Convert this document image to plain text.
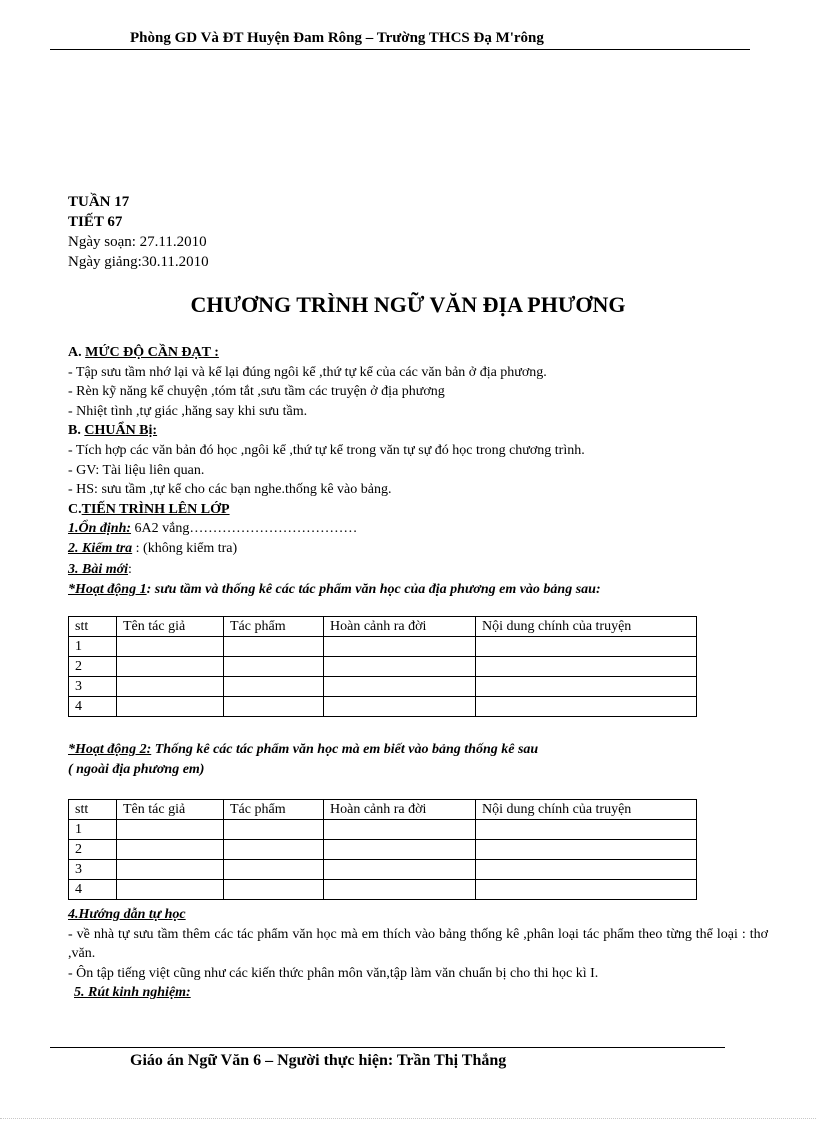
Phòng GD Và ĐT Huyện Đam Rông – Trường THCS Đạ M'rông
TUẦN 17
TIẾT 67
Ngày soạn: 27.11.2010
Ngày giảng:30.11.2010
CHƯƠNG TRÌNH NGỮ VĂN ĐỊA PHƯƠNG
A. MỨC ĐỘ CẦN ĐẠT :
- Tập sưu tầm nhớ lại và kể lại đúng ngôi kể ,thứ tự kể của các văn bản ở địa phương.
- Rèn kỹ năng kể chuyện ,tóm tắt ,sưu tầm các truyện ở địa phương
- Nhiệt tình ,tự giác ,hăng say khi sưu tầm.
B. CHUẨN Bị:
- Tích hợp các văn bản đó học ,ngôi kể ,thứ tự kể trong văn tự sự đó học trong chương trình.
- GV: Tài liệu liên quan.
- HS: sưu tầm ,tự kể cho các bạn nghe.thống kê vào bảng.
C.TIẾN TRÌNH LÊN LỚP
1.Ổn định: 6A2 vắng………………………………
2. Kiểm tra : (không kiểm tra)
3. Bài mới:
*Hoạt động 1: sưu tầm và thống kê các tác phẩm văn học của địa phương em vào bảng sau:
stt	Tên tác giả	Tác phẩm	Hoàn cảnh ra đời	Nội dung chính của truyện
1				
2				
3				
4				
*Hoạt động 2: Thống kê các tác phẩm văn học mà em biết vào bảng thống kê sau
( ngoài địa phương em)
stt	Tên tác giả	Tác phẩm	Hoàn cảnh ra đời	Nội dung chính của truyện
1				
2				
3				
4				
4.Hướng dẫn tự học
- về nhà tự sưu tầm thêm các tác phẩm văn học mà em thích vào bảng thống kê ,phân loại tác phẩm theo từng thể loại : thơ ,văn.
- Ôn tập tiếng việt cũng như các kiến thức phân môn văn,tập làm văn chuẩn bị cho thi học kì I.
5. Rút kinh nghiệm:
Giáo án Ngữ Văn 6 – Người thực hiện: Trần Thị Thắng
